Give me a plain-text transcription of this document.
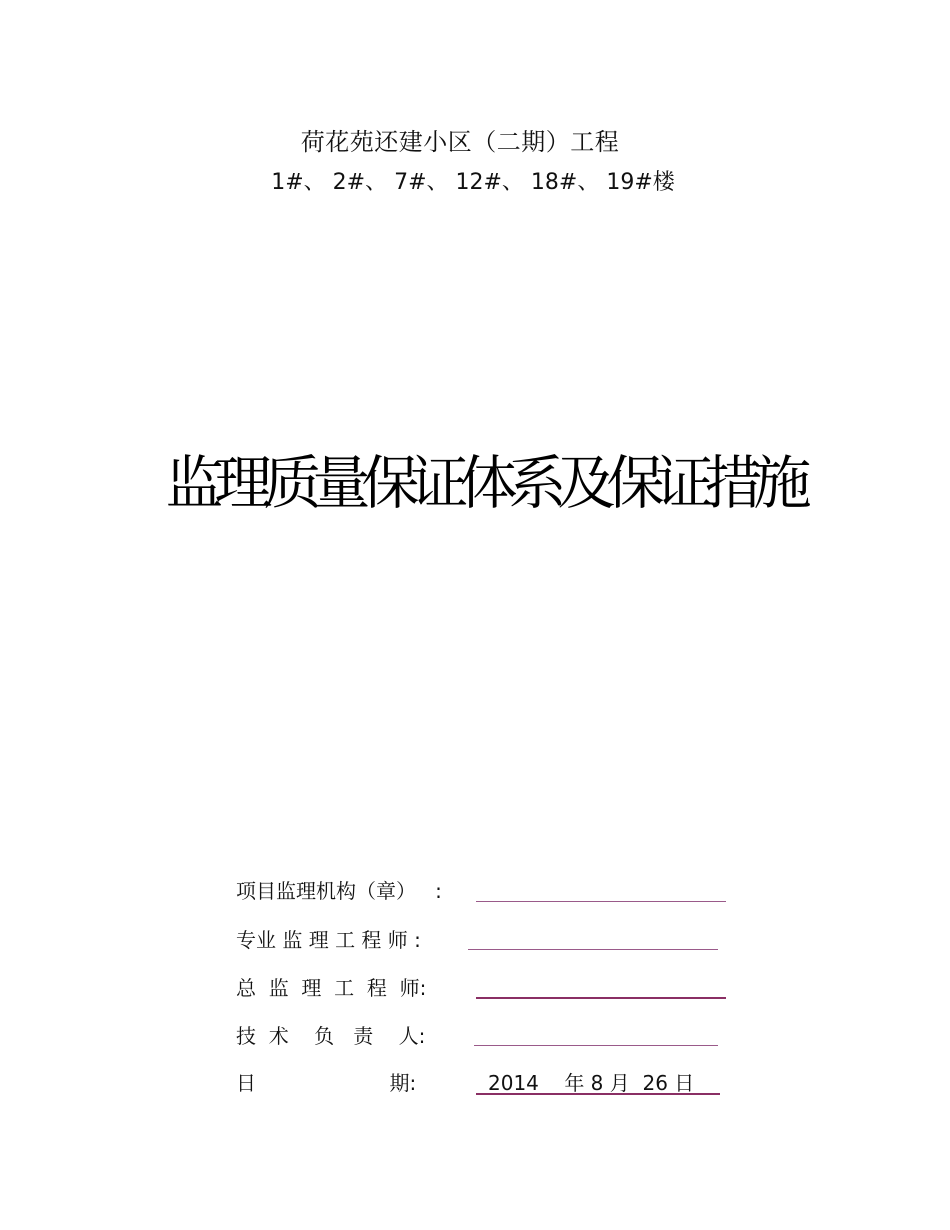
荷花苑还建小区（二期）工程
1#、 2#、 7#、 12#、 18#、 19#楼
监理质量保证体系及保证措施
项目监理机构（章）   :
专业 监 理 工 程 师 :
总  监  理  工  程  师:
技  术    负   责    人:
日                     期:	2014    年 8 月  26 日
